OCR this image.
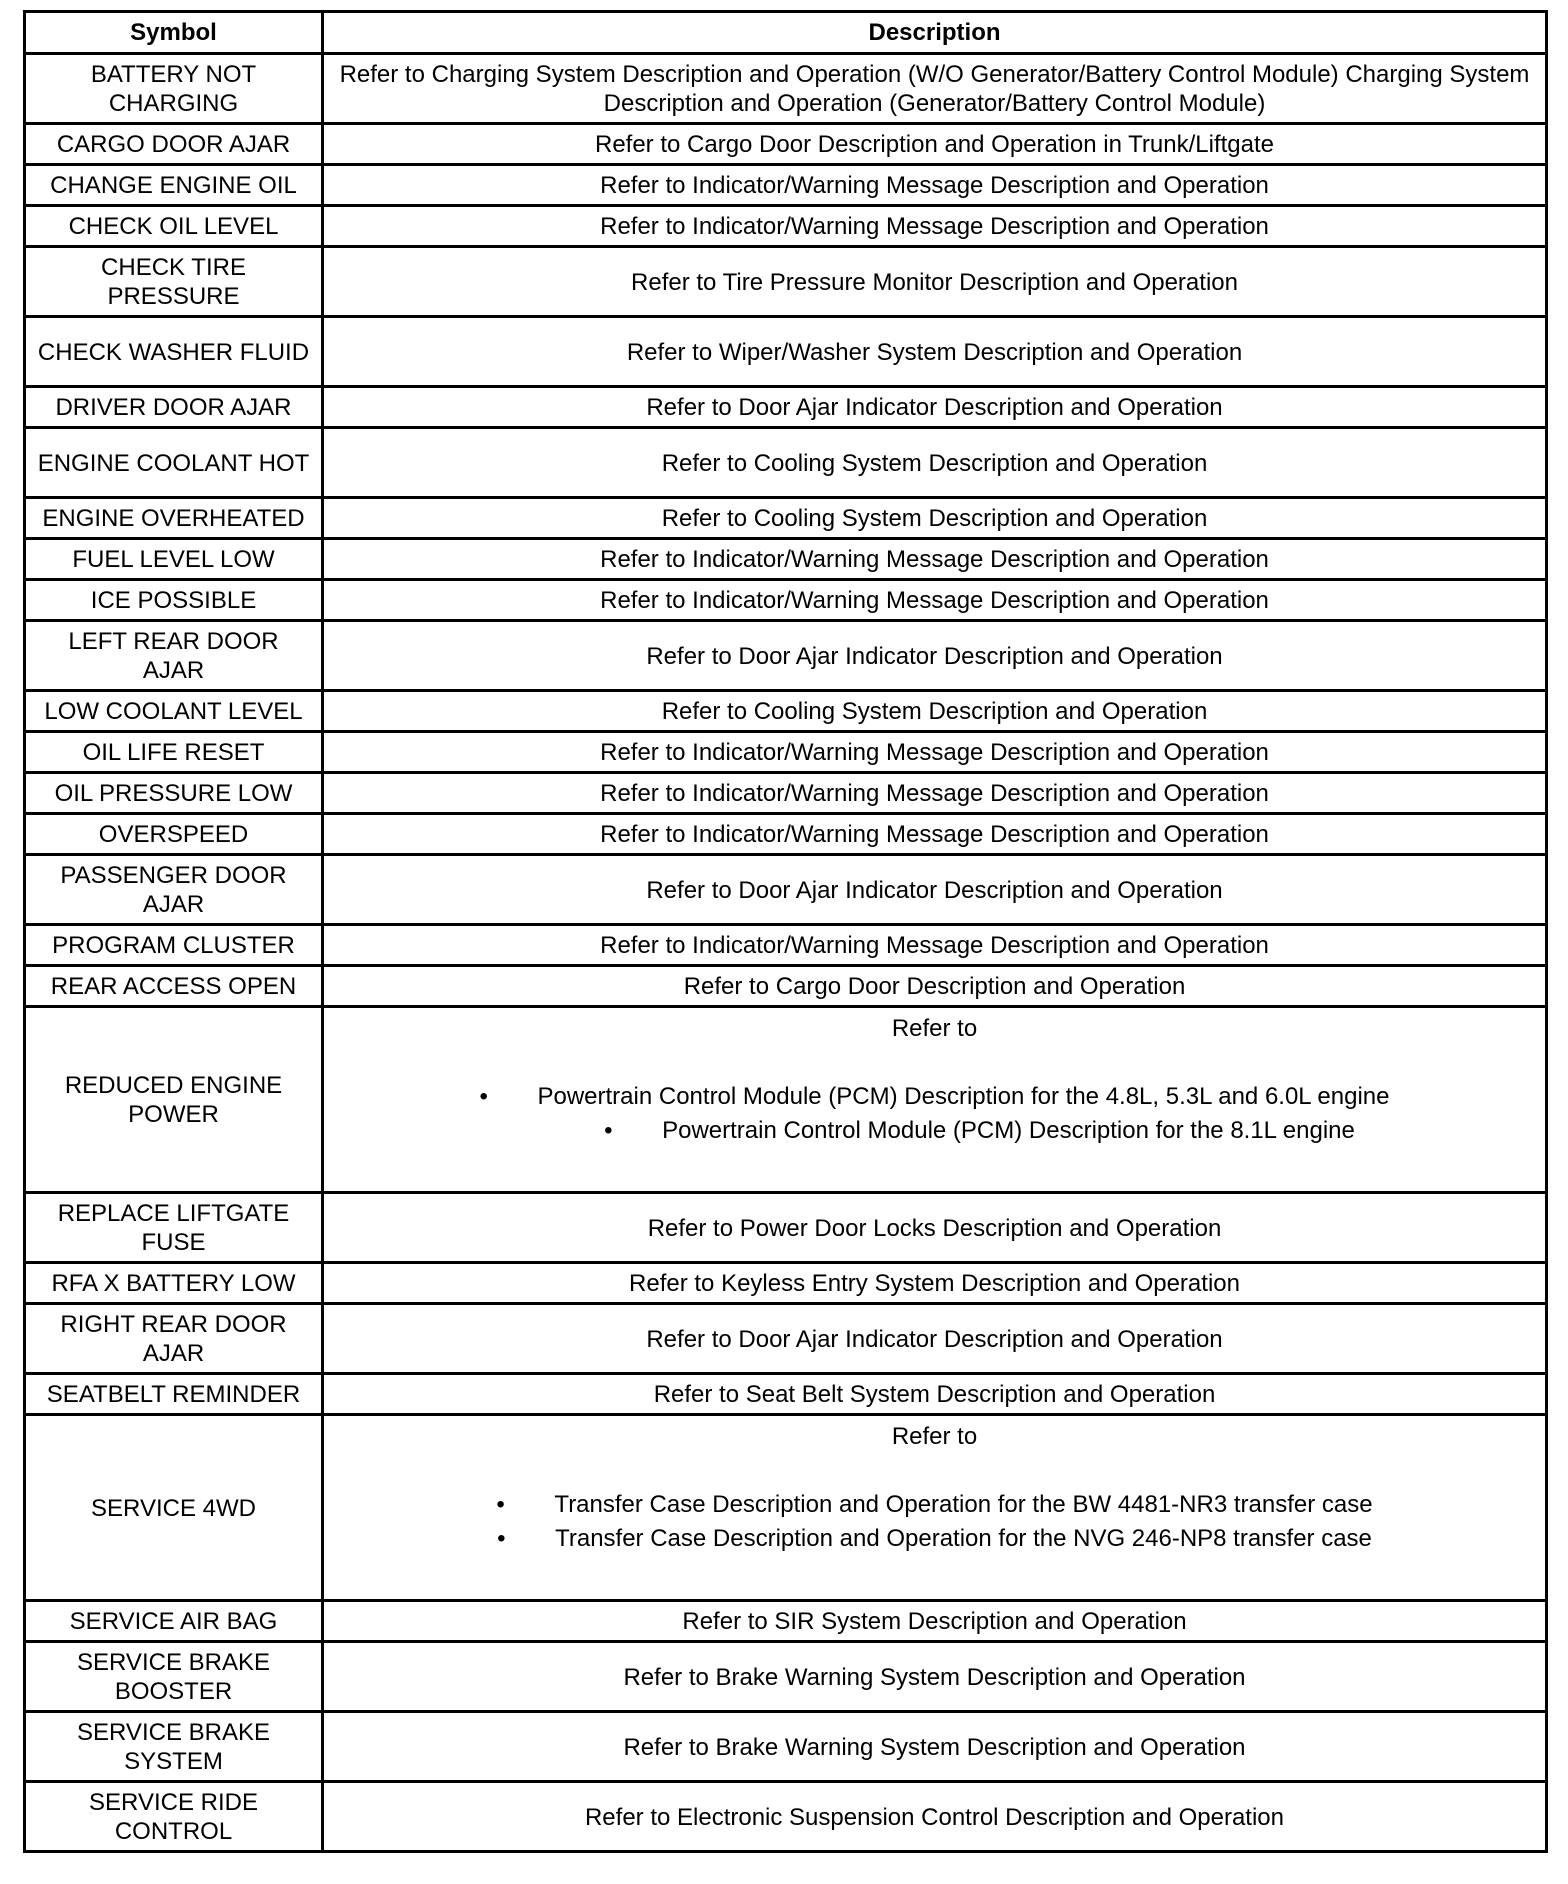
Symbol	Description
BATTERY NOT CHARGING	Refer to Charging System Description and Operation (W/O Generator/Battery Control Module) Charging System Description and Operation (Generator/Battery Control Module)
CARGO DOOR AJAR	Refer to Cargo Door Description and Operation in Trunk/Liftgate
CHANGE ENGINE OIL	Refer to Indicator/Warning Message Description and Operation
CHECK OIL LEVEL	Refer to Indicator/Warning Message Description and Operation
CHECK TIRE PRESSURE	Refer to Tire Pressure Monitor Description and Operation
CHECK WASHER FLUID	Refer to Wiper/Washer System Description and Operation
DRIVER DOOR AJAR	Refer to Door Ajar Indicator Description and Operation
ENGINE COOLANT HOT	Refer to Cooling System Description and Operation
ENGINE OVERHEATED	Refer to Cooling System Description and Operation
FUEL LEVEL LOW	Refer to Indicator/Warning Message Description and Operation
ICE POSSIBLE	Refer to Indicator/Warning Message Description and Operation
LEFT REAR DOOR AJAR	Refer to Door Ajar Indicator Description and Operation
LOW COOLANT LEVEL	Refer to Cooling System Description and Operation
OIL LIFE RESET	Refer to Indicator/Warning Message Description and Operation
OIL PRESSURE LOW	Refer to Indicator/Warning Message Description and Operation
OVERSPEED	Refer to Indicator/Warning Message Description and Operation
PASSENGER DOOR AJAR	Refer to Door Ajar Indicator Description and Operation
PROGRAM CLUSTER	Refer to Indicator/Warning Message Description and Operation
REAR ACCESS OPEN	Refer to Cargo Door Description and Operation
REDUCED ENGINE POWER	Refer to
• Powertrain Control Module (PCM) Description for the 4.8L, 5.3L and 6.0L engine
• Powertrain Control Module (PCM) Description for the 8.1L engine

REPLACE LIFTGATE FUSE	Refer to Power Door Locks Description and Operation
RFA X BATTERY LOW	Refer to Keyless Entry System Description and Operation
RIGHT REAR DOOR AJAR	Refer to Door Ajar Indicator Description and Operation
SEATBELT REMINDER	Refer to Seat Belt System Description and Operation
SERVICE 4WD	Refer to
• Transfer Case Description and Operation for the BW 4481-NR3 transfer case
• Transfer Case Description and Operation for the NVG 246-NP8 transfer case

SERVICE AIR BAG	Refer to SIR System Description and Operation
SERVICE BRAKE BOOSTER	Refer to Brake Warning System Description and Operation
SERVICE BRAKE SYSTEM	Refer to Brake Warning System Description and Operation
SERVICE RIDE CONTROL	Refer to Electronic Suspension Control Description and Operation
